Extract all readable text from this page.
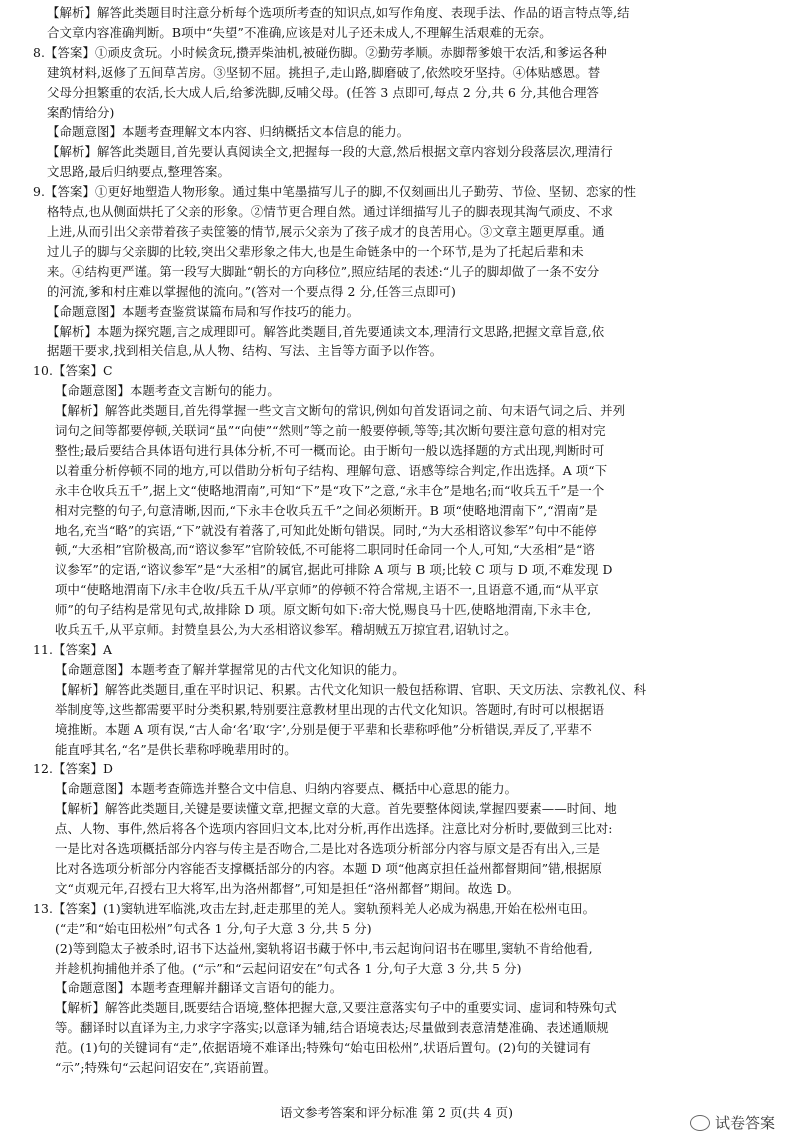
【解析】解答此类题目时注意分析每个选项所考查的知识点,如写作角度、表现手法、作品的语言特点等,结
合文章内容准确判断。B项中“失望”不准确,应该是对儿子还未成人,不理解生活艰难的无奈。
8.【答案】①顽皮贪玩。小时候贪玩,攒弄柴油机,被碰伤脚。②勤劳孝顺。赤脚帮爹娘干农活,和爹运各种
建筑材料,返修了五间草苫房。③坚韧不屈。挑担子,走山路,脚磨破了,依然咬牙坚持。④体贴感恩。替
父母分担繁重的农活,长大成人后,给爹洗脚,反哺父母。(任答 3 点即可,每点 2 分,共 6 分,其他合理答
案酌情给分)
【命题意图】本题考查理解文本内容、归纳概括文本信息的能力。
【解析】解答此类题目,首先要认真阅读全文,把握每一段的大意,然后根据文章内容划分段落层次,理清行
文思路,最后归纳要点,整理答案。
9.【答案】①更好地塑造人物形象。通过集中笔墨描写儿子的脚,不仅刻画出儿子勤劳、节俭、坚韧、恋家的性
格特点,也从侧面烘托了父亲的形象。②情节更合理自然。通过详细描写儿子的脚表现其淘气顽皮、不求
上进,从而引出父亲带着孩子卖筐篓的情节,展示父亲为了孩子成才的良苦用心。③文章主题更厚重。通
过儿子的脚与父亲脚的比较,突出父辈形象之伟大,也是生命链条中的一个环节,是为了托起后辈和未
来。④结构更严谨。第一段写大脚趾“朝长的方向移位”,照应结尾的表述:“儿子的脚却做了一条不安分
的河流,爹和村庄难以掌握他的流向。”(答对一个要点得 2 分,任答三点即可)
【命题意图】本题考查鉴赏谋篇布局和写作技巧的能力。
【解析】本题为探究题,言之成理即可。解答此类题目,首先要通读文本,理清行文思路,把握文章旨意,依
据题干要求,找到相关信息,从人物、结构、写法、主旨等方面予以作答。
10.【答案】C
【命题意图】本题考查文言断句的能力。
【解析】解答此类题目,首先得掌握一些文言文断句的常识,例如句首发语词之前、句末语气词之后、并列
词句之间等都要停顿,关联词“虽”“向使”“然则”等之前一般要停顿,等等;其次断句要注意句意的相对完
整性;最后要结合具体语句进行具体分析,不可一概而论。由于断句一般以选择题的方式出现,判断时可
以着重分析停顿不同的地方,可以借助分析句子结构、理解句意、语感等综合判定,作出选择。A 项“下
永丰仓收兵五千”,据上文“使略地渭南”,可知“下”是“攻下”之意,“永丰仓”是地名;而“收兵五千”是一个
相对完整的句子,句意清晰,因而,“下永丰仓收兵五千”之间必须断开。B 项“使略地渭南下”,“渭南”是
地名,充当“略”的宾语,“下”就没有着落了,可知此处断句错误。同时,“为大丞相谘议参军”句中不能停
顿,“大丞相”官阶极高,而“谘议参军”官阶较低,不可能将二职同时任命同一个人,可知,“大丞相”是“谘
议参军”的定语,“谘议参军”是“大丞相”的属官,据此可排除 A 项与 B 项;比较 C 项与 D 项,不难发现 D
项中“使略地渭南下/永丰仓收/兵五千从/平京师”的停顿不符合常规,主语不一,且语意不通,而“从平京
师”的句子结构是常见句式,故排除 D 项。原文断句如下:帝大悦,赐良马十匹,使略地渭南,下永丰仓,
收兵五千,从平京师。封赞皇县公,为大丞相谘议参军。稽胡贼五万掠宜君,诏轨讨之。
11.【答案】A
【命题意图】本题考查了解并掌握常见的古代文化知识的能力。
【解析】解答此类题目,重在平时识记、积累。古代文化知识一般包括称谓、官职、天文历法、宗教礼仪、科
举制度等,这些都需要平时分类积累,特别要注意教材里出现的古代文化知识。答题时,有时可以根据语
境推断。本题 A 项有误,“古人命‘名’取‘字’,分别是便于平辈和长辈称呼他”分析错误,弄反了,平辈不
能直呼其名,“名”是供长辈称呼晚辈用时的。
12.【答案】D
【命题意图】本题考查筛选并整合文中信息、归纳内容要点、概括中心意思的能力。
【解析】解答此类题目,关键是要读懂文章,把握文章的大意。首先要整体阅读,掌握四要素——时间、地
点、人物、事件,然后将各个选项内容回归文本,比对分析,再作出选择。注意比对分析时,要做到三比对:
一是比对各选项概括部分内容与传主是否吻合,二是比对各选项分析部分内容与原文是否有出入,三是
比对各选项分析部分内容能否支撑概括部分的内容。本题 D 项“他离京担任益州都督期间”错,根据原
文“贞观元年,召授右卫大将军,出为洛州都督”,可知是担任“洛州都督”期间。故选 D。
13.【答案】(1)窦轨进军临洮,攻击左封,赶走那里的羌人。窦轨预料羌人必成为祸患,开始在松州屯田。
(“走”和“始屯田松州”句式各 1 分,句子大意 3 分,共 5 分)
(2)等到隐太子被杀时,诏书下达益州,窦轨将诏书藏于怀中,韦云起询问诏书在哪里,窦轨不肯给他看,
并趁机拘捕他并杀了他。(“示”和“云起问诏安在”句式各 1 分,句子大意 3 分,共 5 分)
【命题意图】本题考查理解并翻译文言语句的能力。
【解析】解答此类题目,既要结合语境,整体把握大意,又要注意落实句子中的重要实词、虚词和特殊句式
等。翻译时以直译为主,力求字字落实;以意译为辅,结合语境表达;尽量做到表意清楚准确、表述通顺规
范。(1)句的关键词有“走”,依据语境不难译出;特殊句“始屯田松州”,状语后置句。(2)句的关键词有
“示”;特殊句“云起问诏安在”,宾语前置。
语文参考答案和评分标准 第 2 页(共 4 页)
试卷答案
